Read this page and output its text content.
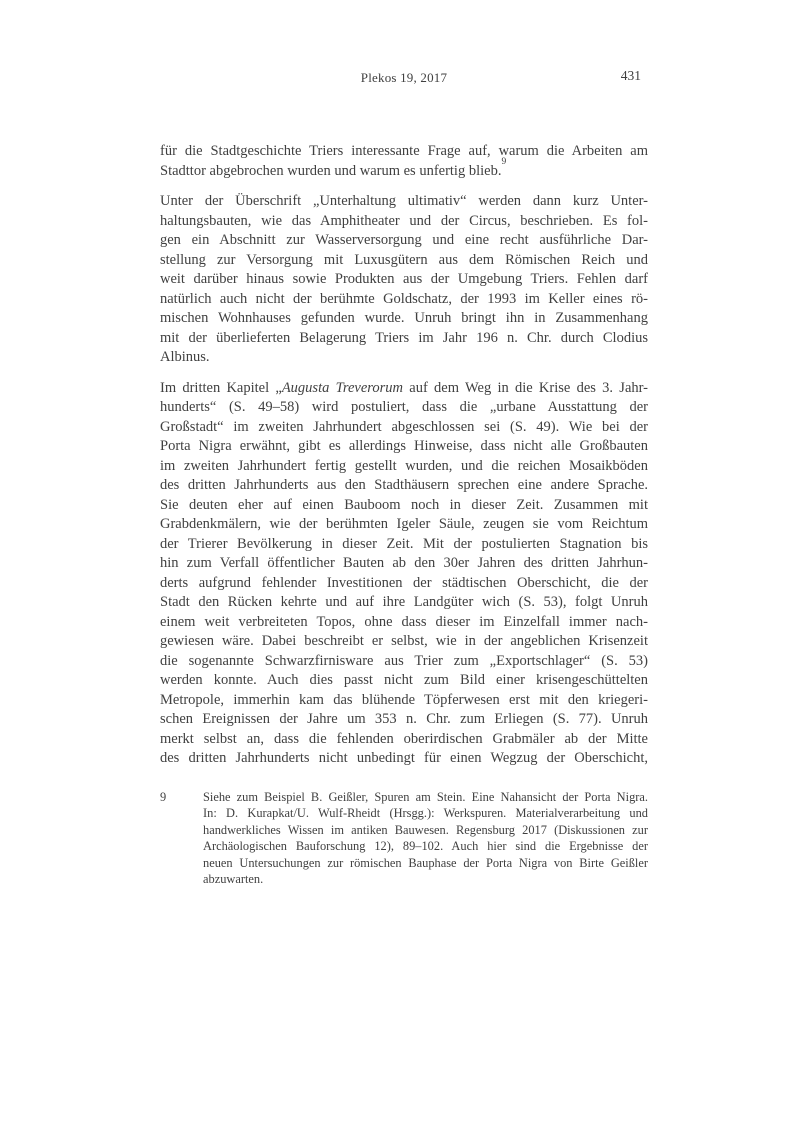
Plekos 19, 2017	431
für die Stadtgeschichte Triers interessante Frage auf, warum die Arbeiten am
Stadttor abgebrochen wurden und warum es unfertig blieb.$^9$
Unter der Überschrift „Unterhaltung ultimativ“ werden dann kurz Unter-
haltungsbauten, wie das Amphitheater und der Circus, beschrieben. Es fol-
gen ein Abschnitt zur Wasserversorgung und eine recht ausführliche Dar-
stellung zur Versorgung mit Luxusgütern aus dem Römischen Reich und
weit darüber hinaus sowie Produkten aus der Umgebung Triers. Fehlen darf
natürlich auch nicht der berühmte Goldschatz, der 1993 im Keller eines rö-
mischen Wohnhauses gefunden wurde. Unruh bringt ihn in Zusammenhang
mit der überlieferten Belagerung Triers im Jahr 196 n. Chr. durch Clodius
Albinus.
Im dritten Kapitel „Augusta Treverorum auf dem Weg in die Krise des 3. Jahr-
hunderts“ (S. 49–58) wird postuliert, dass die „urbane Ausstattung der
Großstadt“ im zweiten Jahrhundert abgeschlossen sei (S. 49). Wie bei der
Porta Nigra erwähnt, gibt es allerdings Hinweise, dass nicht alle Großbauten
im zweiten Jahrhundert fertig gestellt wurden, und die reichen Mosaikböden
des dritten Jahrhunderts aus den Stadthäusern sprechen eine andere Sprache.
Sie deuten eher auf einen Bauboom noch in dieser Zeit. Zusammen mit
Grabdenkmälern, wie der berühmten Igeler Säule, zeugen sie vom Reichtum
der Trierer Bevölkerung in dieser Zeit. Mit der postulierten Stagnation bis
hin zum Verfall öffentlicher Bauten ab den 30er Jahren des dritten Jahrhun-
derts aufgrund fehlender Investitionen der städtischen Oberschicht, die der
Stadt den Rücken kehrte und auf ihre Landgüter wich (S. 53), folgt Unruh
einem weit verbreiteten Topos, ohne dass dieser im Einzelfall immer nach-
gewiesen wäre. Dabei beschreibt er selbst, wie in der angeblichen Krisenzeit
die sogenannte Schwarzfirnisware aus Trier zum „Exportschlager“ (S. 53)
werden konnte. Auch dies passt nicht zum Bild einer krisengeschüttelten
Metropole, immerhin kam das blühende Töpferwesen erst mit den kriegeri-
schen Ereignissen der Jahre um 353 n. Chr. zum Erliegen (S. 77). Unruh
merkt selbst an, dass die fehlenden oberirdischen Grabmäler ab der Mitte
des dritten Jahrhunderts nicht unbedingt für einen Wegzug der Oberschicht,
9	Siehe zum Beispiel B. Geißler, Spuren am Stein. Eine Nahansicht der Porta Nigra.
In: D. Kurapkat/U. Wulf-Rheidt (Hrsgg.): Werkspuren. Materialverarbeitung und
handwerkliches Wissen im antiken Bauwesen. Regensburg 2017 (Diskussionen zur
Archäologischen Bauforschung 12), 89–102. Auch hier sind die Ergebnisse der
neuen Untersuchungen zur römischen Bauphase der Porta Nigra von Birte Geißler
abzuwarten.
